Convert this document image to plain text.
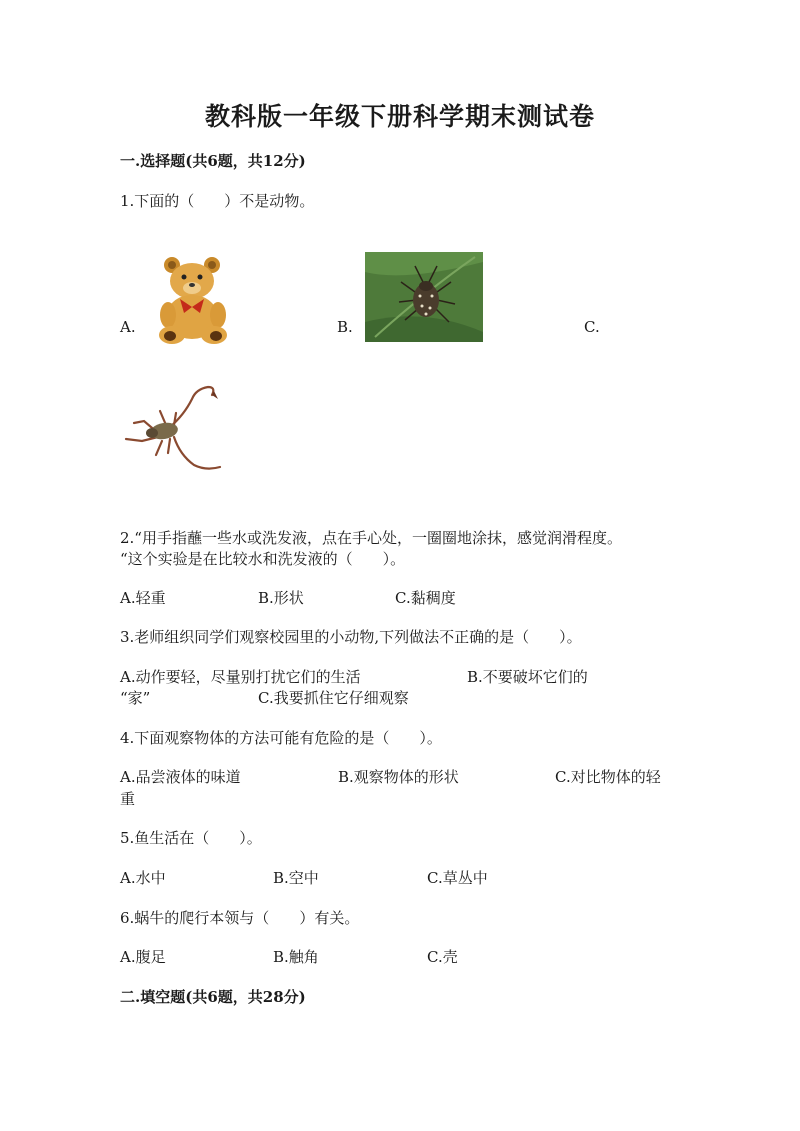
教科版一年级下册科学期末测试卷
一.选择题(共6题，共12分)
1.下面的（　　）不是动物。
A.	B.	C.
2.“用手指蘸一些水或洗发液，点在手心处，一圈圈地涂抹，感觉润滑程度。
“这个实验是在比较水和洗发液的（　　）。
A.轻重	B.形状	C.黏稠度
3.老师组织同学们观察校园里的小动物,下列做法不正确的是（　　）。
A.动作要轻，尽量别打扰它们的生活	B.不要破坏它们的
“家”	C.我要抓住它仔细观察
4.下面观察物体的方法可能有危险的是（　　）。
A.品尝液体的味道	B.观察物体的形状	C.对比物体的轻
重
5.鱼生活在（　　）。
A.水中	B.空中	C.草丛中
6.蜗牛的爬行本领与（　　）有关。
A.腹足	B.触角	C.壳
二.填空题(共6题，共28分)
